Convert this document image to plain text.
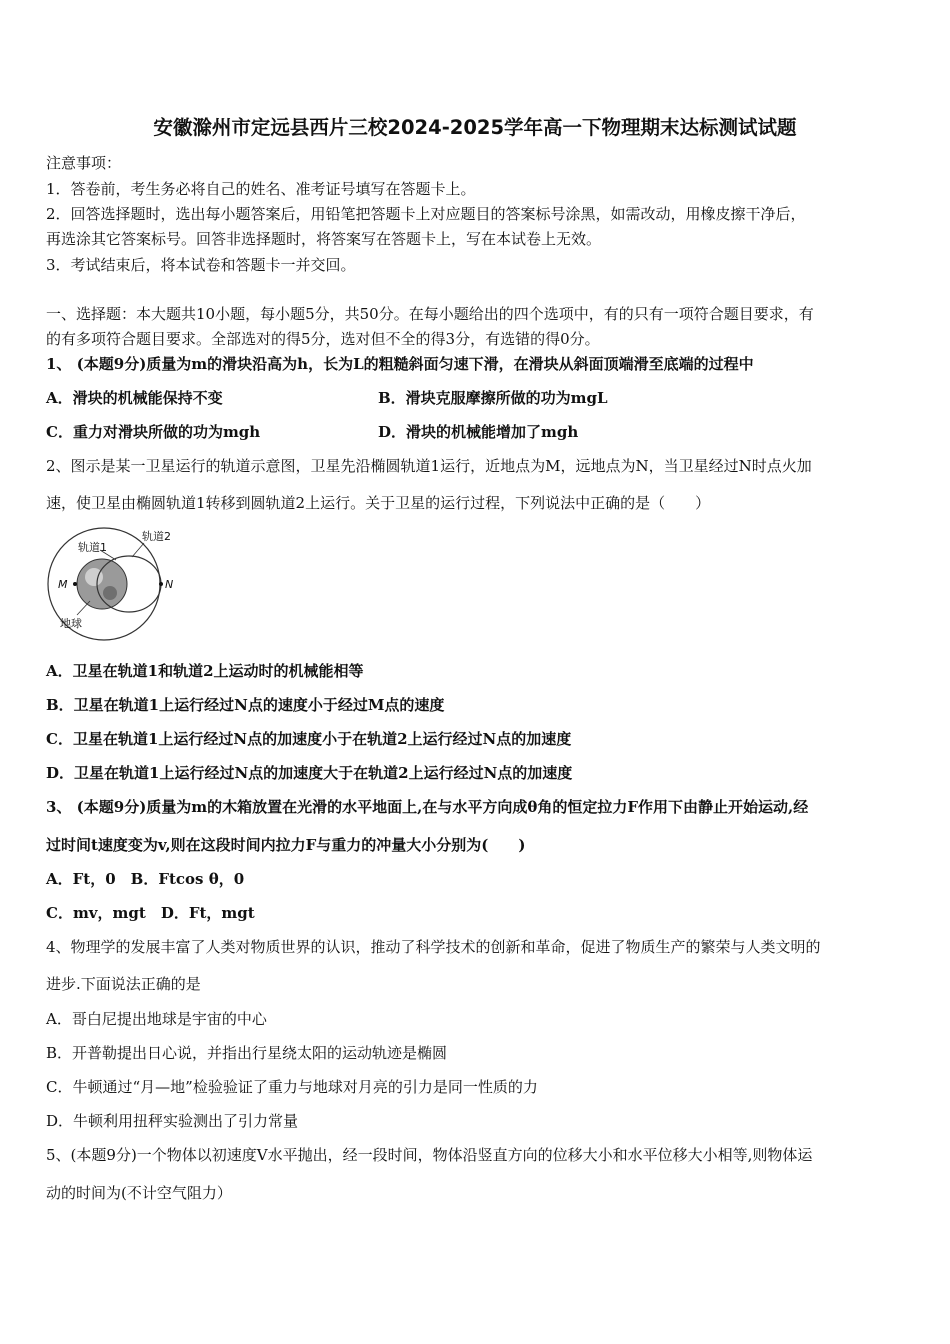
安徽滁州市定远县西片三校2024-2025学年高一下物理期末达标测试试题
注意事项：
1．答卷前，考生务必将自己的姓名、准考证号填写在答题卡上。
2．回答选择题时，选出每小题答案后，用铅笔把答题卡上对应题目的答案标号涂黑，如需改动，用橡皮擦干净后，
再选涂其它答案标号。回答非选择题时，将答案写在答题卡上，写在本试卷上无效。
3．考试结束后，将本试卷和答题卡一并交回。
一、选择题：本大题共10小题，每小题5分，共50分。在每小题给出的四个选项中，有的只有一项符合题目要求，有
的有多项符合题目要求。全部选对的得5分，选对但不全的得3分，有选错的得0分。
1、 (本题9分)质量为m的滑块沿高为h，长为L的粗糙斜面匀速下滑，在滑块从斜面顶端滑至底端的过程中
A．滑块的机械能保持不变	B．滑块克服摩擦所做的功为mgL
C．重力对滑块所做的功为mgh	D．滑块的机械能增加了mgh
2、图示是某一卫星运行的轨道示意图，卫星先沿椭圆轨道1运行，近地点为M，远地点为N，当卫星经过N时点火加
速，使卫星由椭圆轨道1转移到圆轨道2上运行。关于卫星的运行过程，下列说法中正确的是（　　）
轨道2
轨道1
M	N
地球
A．卫星在轨道1和轨道2上运动时的机械能相等
B．卫星在轨道1上运行经过N点的速度小于经过M点的速度
C．卫星在轨道1上运行经过N点的加速度小于在轨道2上运行经过N点的加速度
D．卫星在轨道1上运行经过N点的加速度大于在轨道2上运行经过N点的加速度
3、 (本题9分)质量为m的木箱放置在光滑的水平地面上,在与水平方向成θ角的恒定拉力F作用下由静止开始运动,经
过时间t速度变为v,则在这段时间内拉力F与重力的冲量大小分别为(　　)
A．Ft，0　B．Ftcos θ，0
C．mv，mgt　D．Ft，mgt
4、物理学的发展丰富了人类对物质世界的认识，推动了科学技术的创新和革命，促进了物质生产的繁荣与人类文明的
进步.下面说法正确的是
A．哥白尼提出地球是宇宙的中心
B．开普勒提出日心说，并指出行星绕太阳的运动轨迹是椭圆
C．牛顿通过“月—地”检验验证了重力与地球对月亮的引力是同一性质的力
D．牛顿利用扭秤实验测出了引力常量
5、(本题9分)一个物体以初速度V水平抛出，经一段时间，物体沿竖直方向的位移大小和水平位移大小相等,则物体运
动的时间为(不计空气阻力）
